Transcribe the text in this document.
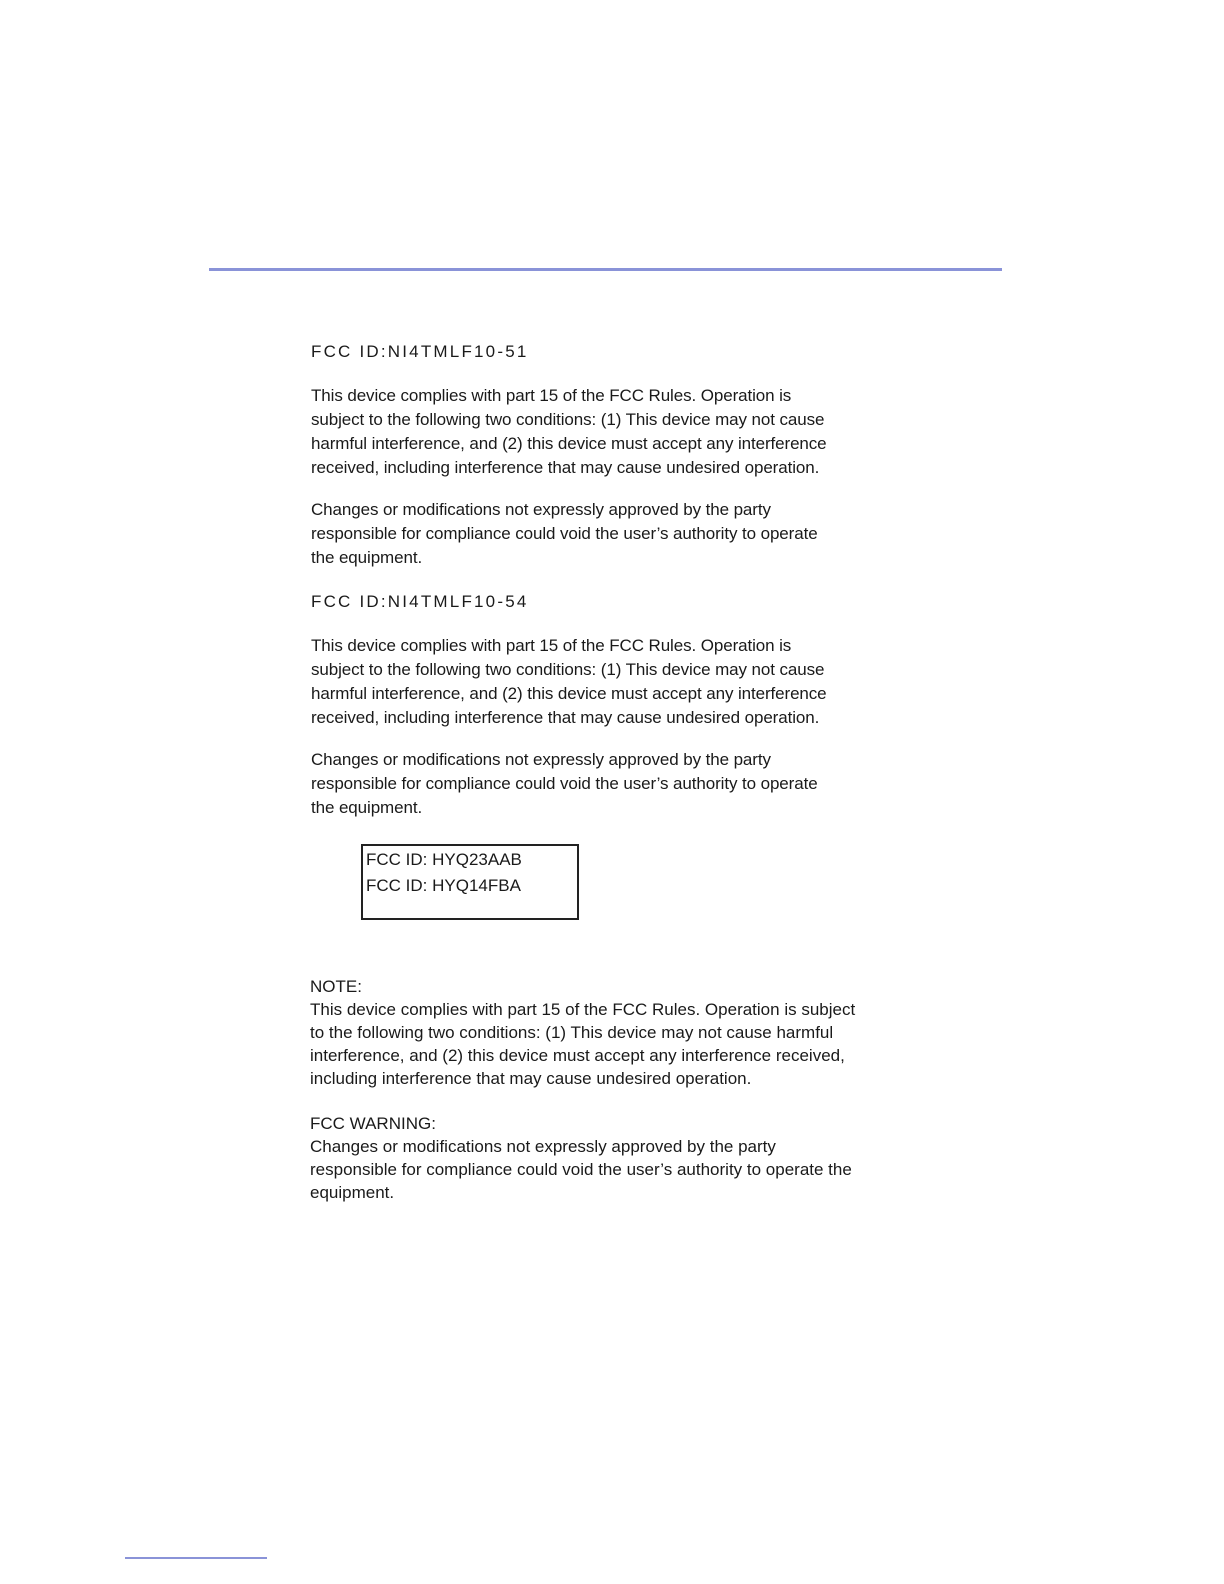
FCC ID:NI4TMLF10-51

This device complies with part 15 of the FCC Rules. Operation is
subject to the following two conditions: (1) This device may not cause
harmful interference, and (2) this device must accept any interference
received, including interference that may cause undesired operation.
Changes or modifications not expressly approved by the party
responsible for compliance could void the user’s authority to operate
the equipment.

FCC ID:NI4TMLF10-54

This device complies with part 15 of the FCC Rules. Operation is
subject to the following two conditions: (1) This device may not cause
harmful interference, and (2) this device must accept any interference
received, including interference that may cause undesired operation.
Changes or modifications not expressly approved by the party
responsible for compliance could void the user’s authority to operate
the equipment.

FCC ID: HYQ23AAB

FCC ID: HYQ14FBA

NOTE:

This device complies with part 15 of the FCC Rules. Operation is subject
to the following two conditions: (1) This device may not cause harmful
interference, and (2) this device must accept any interference received,
including interference that may cause undesired operation.

FCC WARNING:

Changes or modifications not expressly approved by the party
responsible for compliance could void the user’s authority to operate the
equipment.
